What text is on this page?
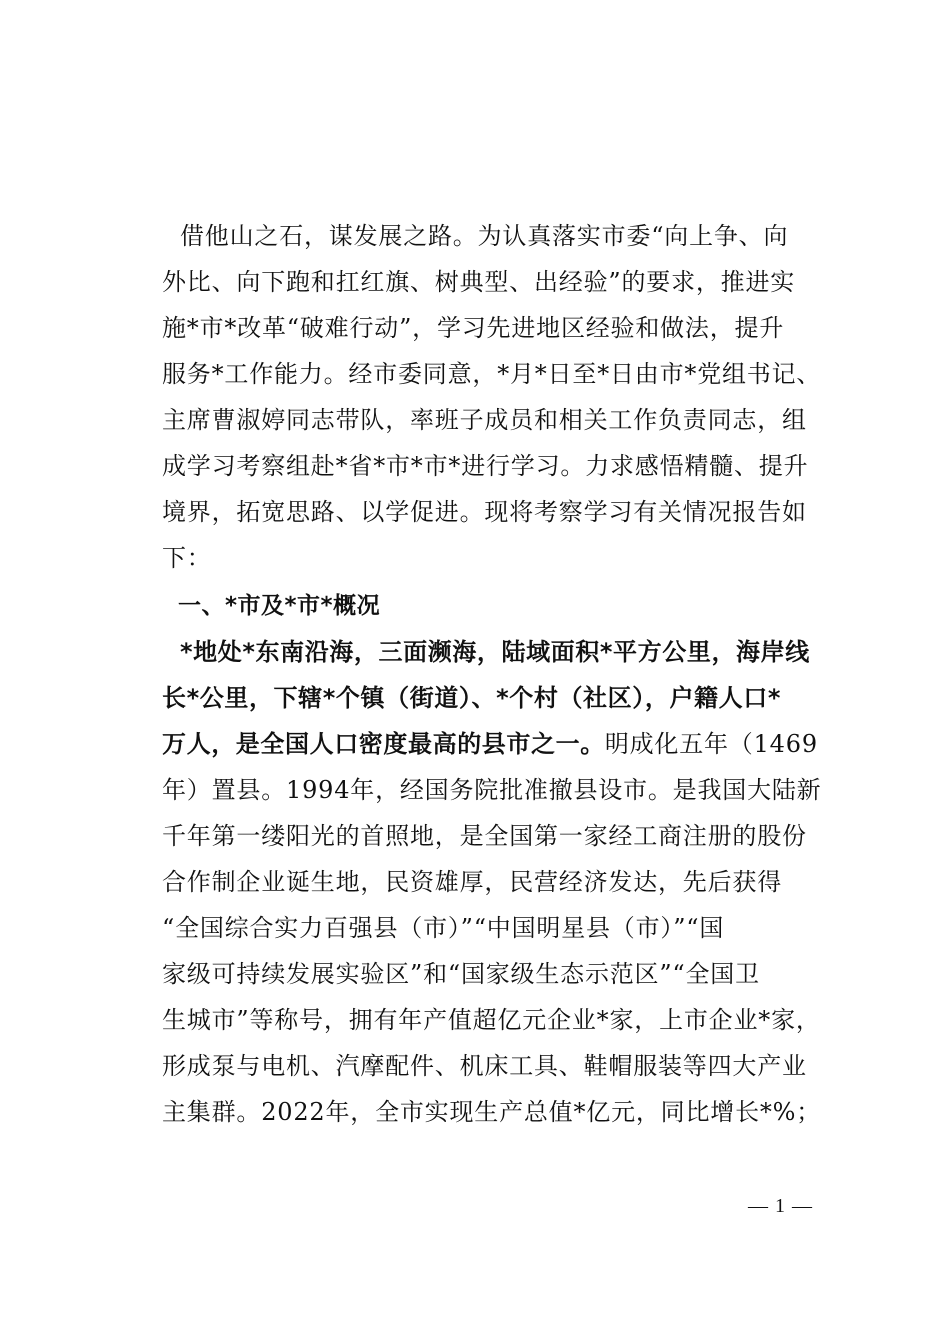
借他山之石，谋发展之路。为认真落实市委“向上争、向
外比、向下跑和扛红旗、树典型、出经验”的要求，推进实
施*市*改革“破难行动”，学习先进地区经验和做法，提升
服务*工作能力。经市委同意，*月*日至*日由市*党组书记、
主席曹淑婷同志带队，率班子成员和相关工作负责同志，组
成学习考察组赴*省*市*市*进行学习。力求感悟精髓、提升
境界，拓宽思路、以学促进。现将考察学习有关情况报告如
下：
一、*市及*市*概况
*地处*东南沿海，三面濒海，陆域面积*平方公里，海岸线
长*公里，下辖*个镇（街道）、*个村（社区），户籍人口*
万人，是全国人口密度最高的县市之一。明成化五年（1469
年）置县。1994年，经国务院批准撤县设市。是我国大陆新
千年第一缕阳光的首照地，是全国第一家经工商注册的股份
合作制企业诞生地，民资雄厚，民营经济发达，先后获得
“全国综合实力百强县（市）”“中国明星县（市）”“国
家级可持续发展实验区”和“国家级生态示范区”“全国卫
生城市”等称号，拥有年产值超亿元企业*家，上市企业*家，
形成泵与电机、汽摩配件、机床工具、鞋帽服装等四大产业
主集群。2022年，全市实现生产总值*亿元，同比增长*%；
— 1 —
